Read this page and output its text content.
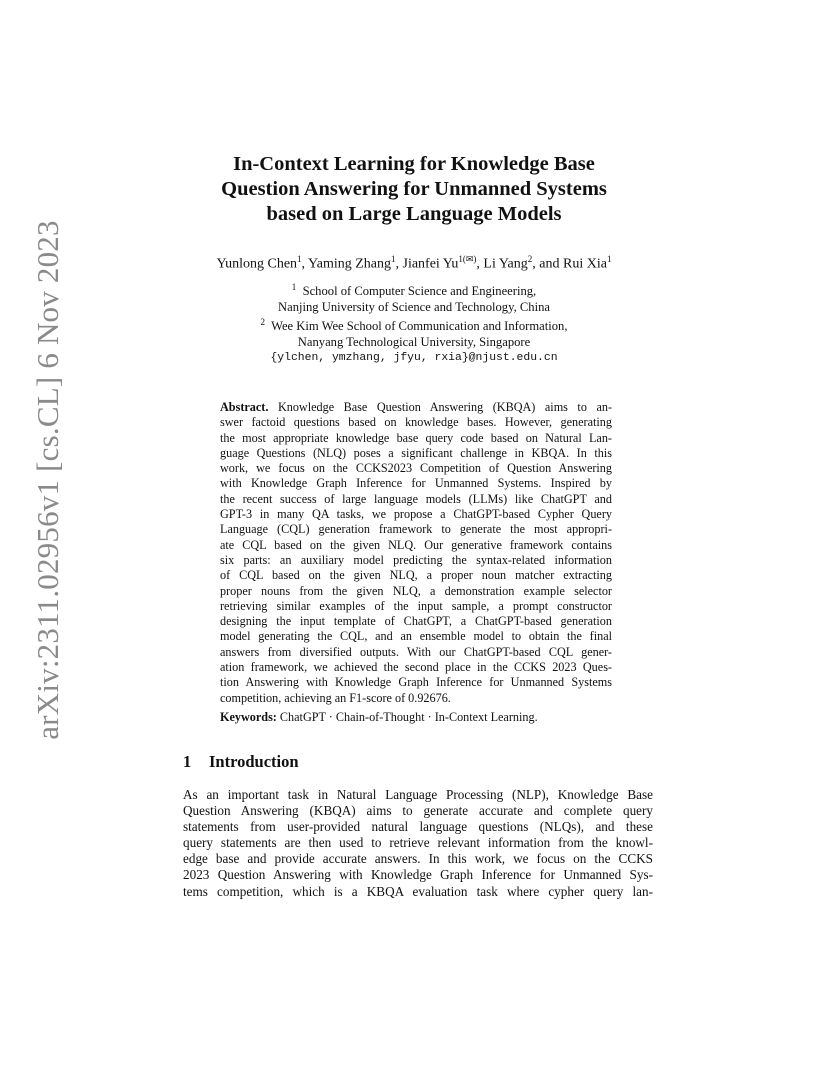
arXiv:2311.02956v1 [cs.CL] 6 Nov 2023
In-Context Learning for Knowledge Base
Question Answering for Unmanned Systems
based on Large Language Models
Yunlong Chen$^1$, Yaming Zhang$^1$, Jianfei $Yu^{1(✉)}$, Li Yang$^2$, and Rui Xia$^1$
$^1$ School of Computer Science and Engineering,
Nanjing University of Science and Technology, China
$^2$ Wee Kim Wee School of Communication and Information,
Nanyang Technological University, Singapore
{ylchen, ymzhang, jfyu, rxia}@njust.edu.cn
Abstract. Knowledge Base Question Answering (KBQA) aims to an-
swer factoid questions based on knowledge bases. However, generating
the most appropriate knowledge base query code based on Natural Lan-
guage Questions (NLQ) poses a significant challenge in KBQA. In this
work, we focus on the CCKS2023 Competition of Question Answering
with Knowledge Graph Inference for Unmanned Systems. Inspired by
the recent success of large language models (LLMs) like ChatGPT and
GPT-3 in many QA tasks, we propose a ChatGPT-based Cypher Query
Language (CQL) generation framework to generate the most appropri-
ate CQL based on the given NLQ. Our generative framework contains
six parts: an auxiliary model predicting the syntax-related information
of CQL based on the given NLQ, a proper noun matcher extracting
proper nouns from the given NLQ, a demonstration example selector
retrieving similar examples of the input sample, a prompt constructor
designing the input template of ChatGPT, a ChatGPT-based generation
model generating the CQL, and an ensemble model to obtain the final
answers from diversified outputs. With our ChatGPT-based CQL gener-
ation framework, we achieved the second place in the CCKS 2023 Ques-
tion Answering with Knowledge Graph Inference for Unmanned Systems
competition, achieving an F1-score of 0.92676.
Keywords: ChatGPT · Chain-of-Thought · In-Context Learning.
1 Introduction
As an important task in Natural Language Processing (NLP), Knowledge Base
Question Answering (KBQA) aims to generate accurate and complete query
statements from user-provided natural language questions (NLQs), and these
query statements are then used to retrieve relevant information from the knowl-
edge base and provide accurate answers. In this work, we focus on the CCKS
2023 Question Answering with Knowledge Graph Inference for Unmanned Sys-
tems competition, which is a KBQA evaluation task where cypher query lan-
